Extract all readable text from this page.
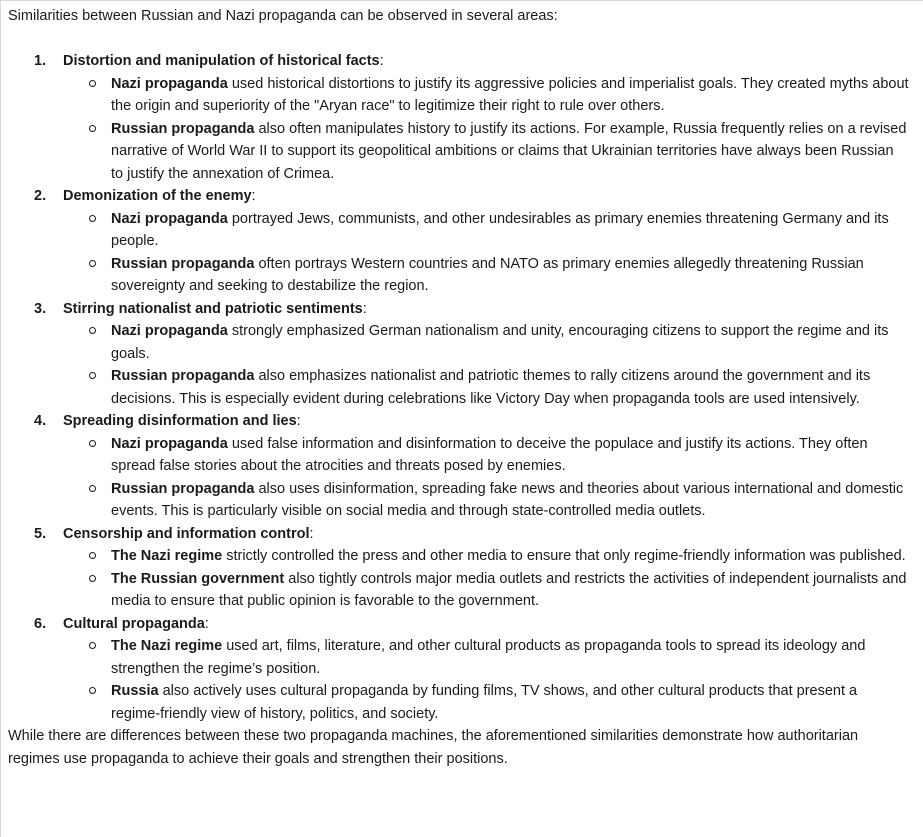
Similarities between Russian and Nazi propaganda can be observed in several areas:

1. Distortion and manipulation of historical facts:
Nazi propaganda used historical distortions to justify its aggressive policies and imperialist goals. They created myths about the origin and superiority of the "Aryan race" to legitimize their right to rule over others.
Russian propaganda also often manipulates history to justify its actions. For example, Russia frequently relies on a revised narrative of World War II to support its geopolitical ambitions or claims that Ukrainian territories have always been Russian to justify the annexation of Crimea.
2. Demonization of the enemy:
Nazi propaganda portrayed Jews, communists, and other undesirables as primary enemies threatening Germany and its people.
Russian propaganda often portrays Western countries and NATO as primary enemies allegedly threatening Russian sovereignty and seeking to destabilize the region.
3. Stirring nationalist and patriotic sentiments:
Nazi propaganda strongly emphasized German nationalism and unity, encouraging citizens to support the regime and its goals.
Russian propaganda also emphasizes nationalist and patriotic themes to rally citizens around the government and its decisions. This is especially evident during celebrations like Victory Day when propaganda tools are used intensively.
4. Spreading disinformation and lies:
Nazi propaganda used false information and disinformation to deceive the populace and justify its actions. They often spread false stories about the atrocities and threats posed by enemies.
Russian propaganda also uses disinformation, spreading fake news and theories about various international and domestic events. This is particularly visible on social media and through state-controlled media outlets.
5. Censorship and information control:
The Nazi regime strictly controlled the press and other media to ensure that only regime-friendly information was published.
The Russian government also tightly controls major media outlets and restricts the activities of independent journalists and media to ensure that public opinion is favorable to the government.
6. Cultural propaganda:
The Nazi regime used art, films, literature, and other cultural products as propaganda tools to spread its ideology and strengthen the regime’s position.
Russia also actively uses cultural propaganda by funding films, TV shows, and other cultural products that present a regime-friendly view of history, politics, and society.

While there are differences between these two propaganda machines, the aforementioned similarities demonstrate how authoritarian regimes use propaganda to achieve their goals and strengthen their positions.
